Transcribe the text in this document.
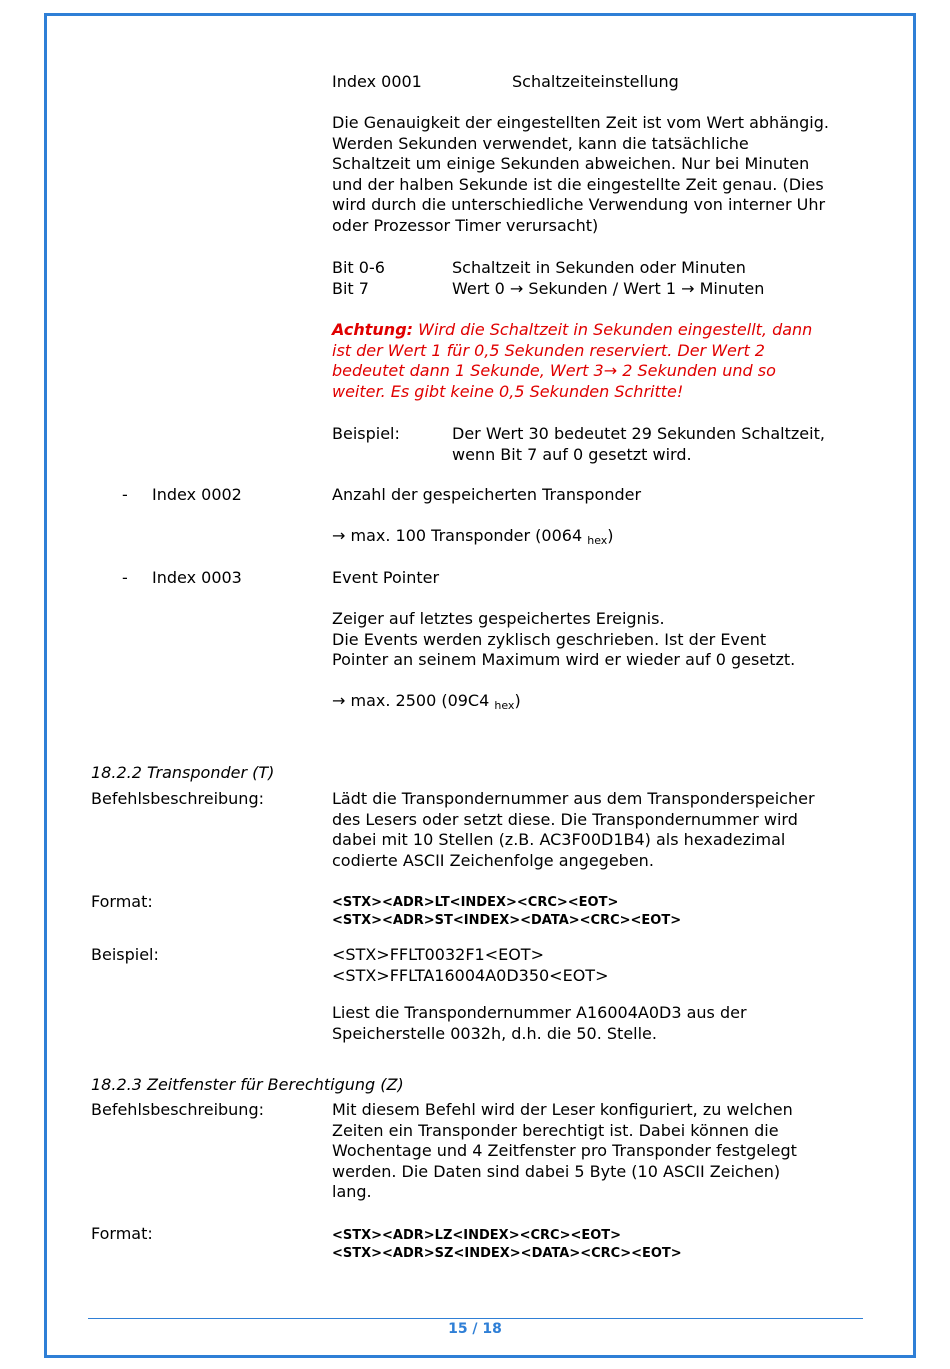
Index 0001	Schaltzeiteinstellung

Die Genauigkeit der eingestellten Zeit ist vom Wert abhängig.
Werden Sekunden verwendet, kann die tatsächliche
Schaltzeit um einige Sekunden abweichen. Nur bei Minuten
und der halben Sekunde ist die eingestellte Zeit genau. (Dies
wird durch die unterschiedliche Verwendung von interner Uhr
oder Prozessor Timer verursacht)

Bit 0-6	Schaltzeit in Sekunden oder Minuten

Bit 7	Wert 0 → Sekunden / Wert 1 → Minuten

Achtung: Wird die Schaltzeit in Sekunden eingestellt, dann
ist der Wert 1 für 0,5 Sekunden reserviert. Der Wert 2
bedeutet dann 1 Sekunde, Wert 3→ 2 Sekunden und so
weiter. Es gibt keine 0,5 Sekunden Schritte!

Beispiel:	Der Wert 30 bedeutet 29 Sekunden Schaltzeit,
wenn Bit 7 auf 0 gesetzt wird.

- Index 0002	Anzahl der gespeicherten Transponder

→ max. 100 Transponder (0064 $_{hex}$)

- Index 0003	Event Pointer

Zeiger auf letztes gespeichertes Ereignis.
Die Events werden zyklisch geschrieben. Ist der Event
Pointer an seinem Maximum wird er wieder auf 0 gesetzt.

→ max. 2500 (09C4 $_{hex}$)

18.2.2 Transponder (T)

Befehlsbeschreibung:	Lädt die Transpondernummer aus dem Transponderspeicher
des Lesers oder setzt diese. Die Transpondernummer wird
dabei mit 10 Stellen (z.B. AC3F00D1B4) als hexadezimal
codierte ASCII Zeichenfolge angegeben.

Format:	<STX><ADR>LT<INDEX><CRC><EOT>
<STX><ADR>ST<INDEX><DATA><CRC><EOT>

Beispiel:	<STX>FFLT0032F1<EOT>
<STX>FFLTA16004A0D350<EOT>

Liest die Transpondernummer A16004A0D3 aus der
Speicherstelle 0032h, d.h. die 50. Stelle.

18.2.3 Zeitfenster für Berechtigung (Z)

Befehlsbeschreibung:	Mit diesem Befehl wird der Leser konfiguriert, zu welchen
Zeiten ein Transponder berechtigt ist. Dabei können die
Wochentage und 4 Zeitfenster pro Transponder festgelegt
werden. Die Daten sind dabei 5 Byte (10 ASCII Zeichen)
lang.

Format:	<STX><ADR>LZ<INDEX><CRC><EOT>
<STX><ADR>SZ<INDEX><DATA><CRC><EOT>

15 / 18
